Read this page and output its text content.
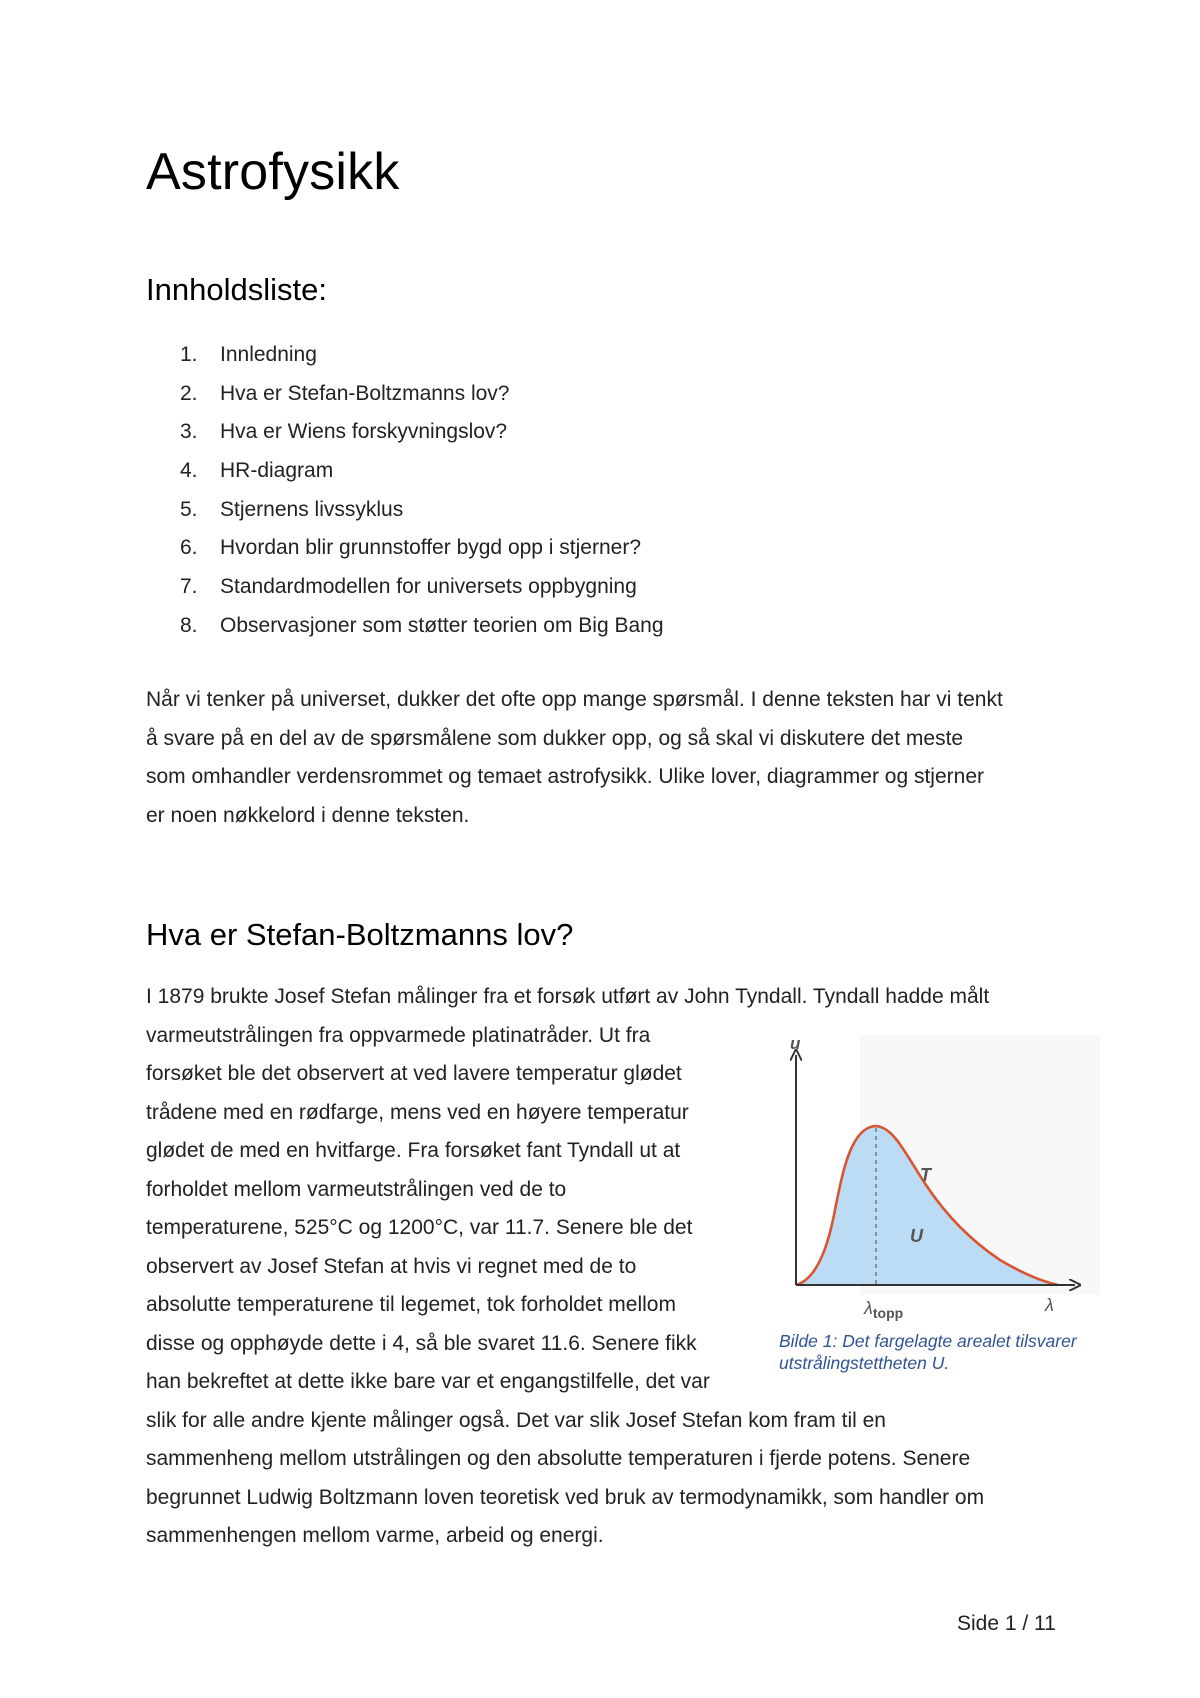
Astrofysikk
Innholdsliste:
1.	Innledning
2.	Hva er Stefan-Boltzmanns lov?
3.	Hva er Wiens forskyvningslov?
4.	HR-diagram
5.	Stjernens livssyklus
6.	Hvordan blir grunnstoffer bygd opp i stjerner?
7.	Standardmodellen for universets oppbygning
8.	Observasjoner som støtter teorien om Big Bang
Når vi tenker på universet, dukker det ofte opp mange spørsmål. I denne teksten har vi tenkt
å svare på en del av de spørsmålene som dukker opp, og så skal vi diskutere det meste
som omhandler verdensrommet og temaet astrofysikk. Ulike lover, diagrammer og stjerner
er noen nøkkelord i denne teksten.
Hva er Stefan-Boltzmanns lov?
I 1879 brukte Josef Stefan målinger fra et forsøk utført av John Tyndall. Tyndall hadde målt
varmeutstrålingen fra oppvarmede platinatråder. Ut fra
forsøket ble det observert at ved lavere temperatur glødet
trådene med en rødfarge, mens ved en høyere temperatur
glødet de med en hvitfarge. Fra forsøket fant Tyndall ut at
forholdet mellom varmeutstrålingen ved de to
temperaturene, 525°C og 1200°C, var 11.7. Senere ble det
observert av Josef Stefan at hvis vi regnet med de to
absolutte temperaturene til legemet, tok forholdet mellom
disse og opphøyde dette i 4, så ble svaret 11.6. Senere fikk
han bekreftet at dette ikke bare var et engangstilfelle, det var
slik for alle andre kjente målinger også. Det var slik Josef Stefan kom fram til en
sammenheng mellom utstrålingen og den absolutte temperaturen i fjerde potens. Senere
begrunnet Ludwig Boltzmann loven teoretisk ved bruk av termodynamikk, som handler om
sammenhengen mellom varme, arbeid og energi.
u
λ
T
U
$\lambda_{topp}$
Bilde 1: Det fargelagte arealet tilsvarer
utstrålingstettheten U.
Side 1 / 11
